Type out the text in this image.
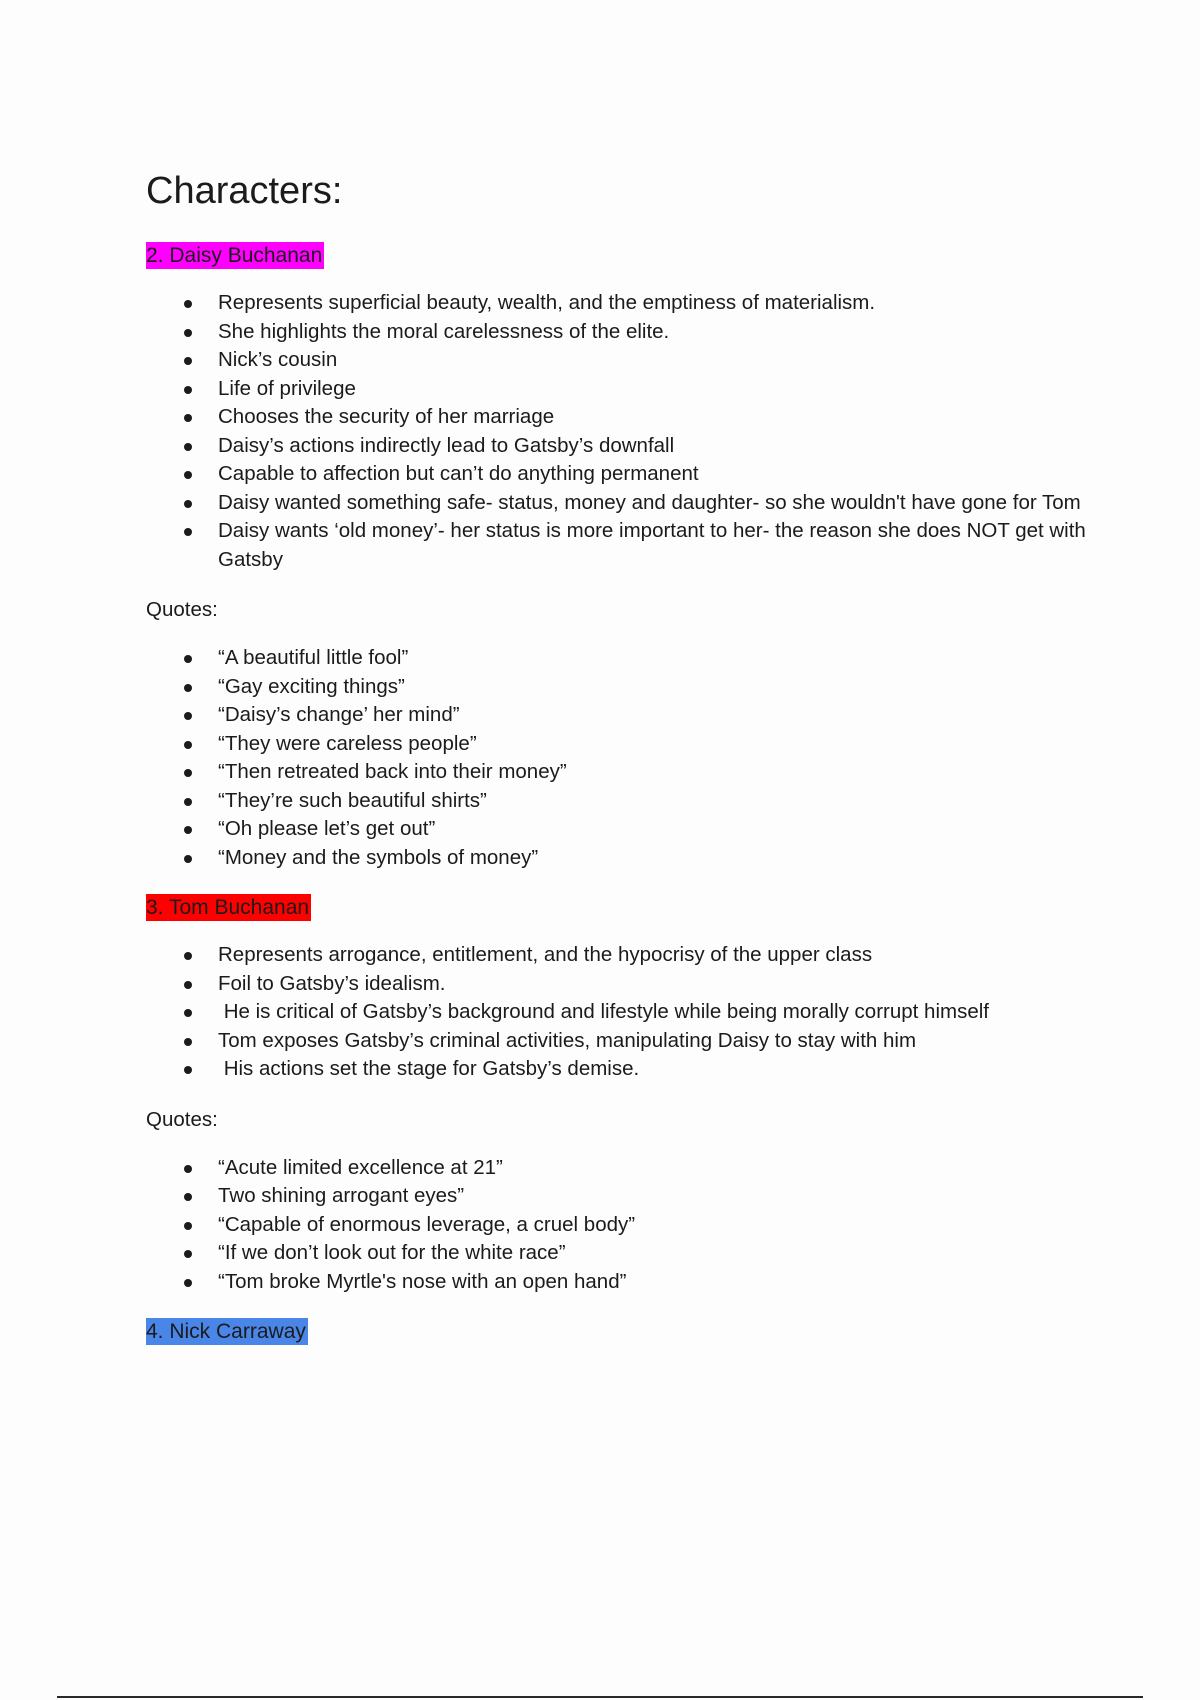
Characters:
2. Daisy Buchanan
Represents superficial beauty, wealth, and the emptiness of materialism.
She highlights the moral carelessness of the elite.
Nick’s cousin
Life of privilege
Chooses the security of her marriage
Daisy’s actions indirectly lead to Gatsby’s downfall
Capable to affection but can’t do anything permanent
Daisy wanted something safe- status, money and daughter- so she wouldn't have gone for Tom
Daisy wants ‘old money’- her status is more important to her- the reason she does NOT get with Gatsby

Quotes:

“A beautiful little fool”
“Gay exciting things”
“Daisy’s change’ her mind”
“They were careless people”
“Then retreated back into their money”
“They’re such beautiful shirts”
“Oh please let’s get out”
“Money and the symbols of money”
3. Tom Buchanan
Represents arrogance, entitlement, and the hypocrisy of the upper class
Foil to Gatsby’s idealism.
He is critical of Gatsby’s background and lifestyle while being morally corrupt himself
Tom exposes Gatsby’s criminal activities, manipulating Daisy to stay with him
His actions set the stage for Gatsby’s demise.

Quotes:

“Acute limited excellence at 21”
Two shining arrogant eyes”
“Capable of enormous leverage, a cruel body”
“If we don’t look out for the white race”
“Tom broke Myrtle's nose with an open hand”
4. Nick Carraway
